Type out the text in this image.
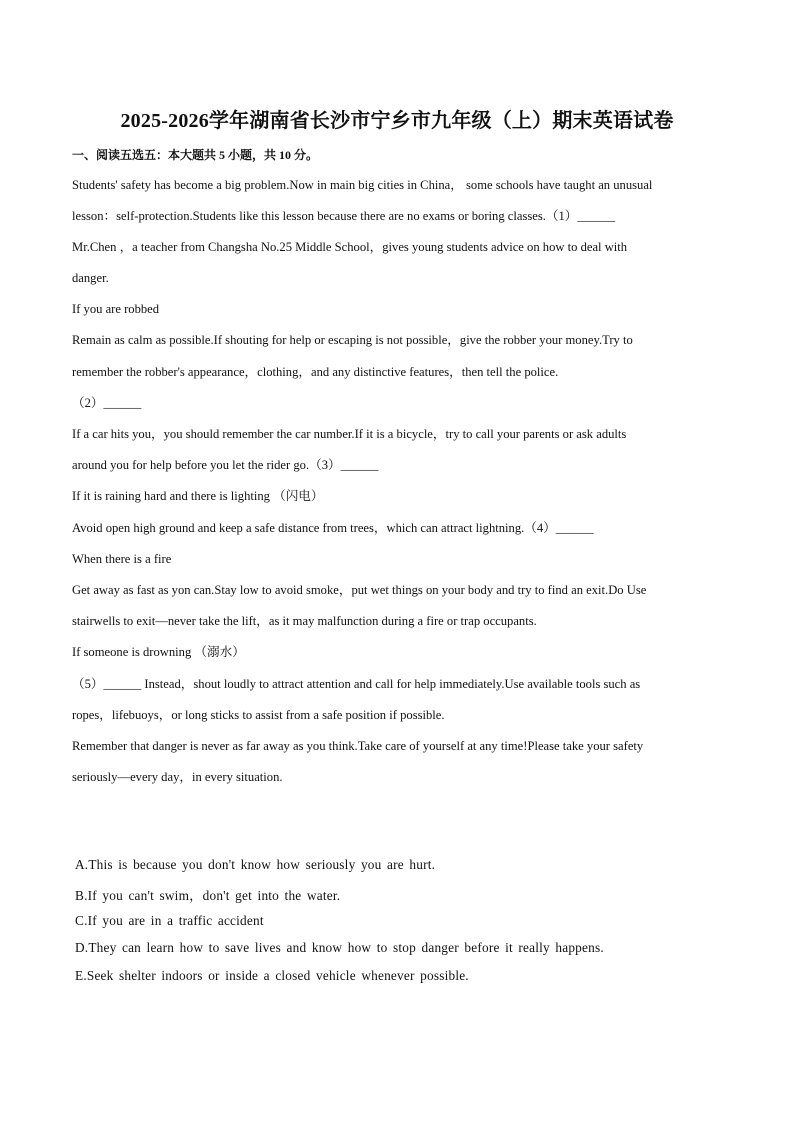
2025-2026学年湖南省长沙市宁乡市九年级（上）期末英语试卷
一、阅读五选五：本大题共 5 小题，共 10 分。
Students' safety has become a big problem.Now in main big cities in China， some schools have taught an unusual
lesson：self-protection.Students like this lesson because there are no exams or boring classes.（1）______
Mr.Chen ，a teacher from Changsha No.25 Middle School，gives young students advice on how to deal with
danger.
If you are robbed
Remain as calm as possible.If shouting for help or escaping is not possible，give the robber your money.Try to
remember the robber's appearance，clothing，and any distinctive features，then tell the police.
（2）______
If a car hits you，you should remember the car number.If it is a bicycle，try to call your parents or ask adults
around you for help before you let the rider go.（3）______
If it is raining hard and there is lighting （闪电）
Avoid open high ground and keep a safe distance from trees，which can attract lightning.（4）______
When there is a fire
Get away as fast as yon can.Stay low to avoid smoke，put wet things on your body and try to find an exit.Do Use
stairwells to exit—never take the lift，as it may malfunction during a fire or trap occupants.
If someone is drowning （溺水）
（5）______ Instead，shout loudly to attract attention and call for help immediately.Use available tools such as
ropes，lifebuoys，or long sticks to assist from a safe position if possible.
Remember that danger is never as far away as you think.Take care of yourself at any time!Please take your safety
seriously—every day，in every situation.
A.This is because you don't know how seriously you are hurt.
B.If you can't swim，don't get into the water.
C.If you are in a traffic accident
D.They can learn how to save lives and know how to stop danger before it really happens.
E.Seek shelter indoors or inside a closed vehicle whenever possible.
